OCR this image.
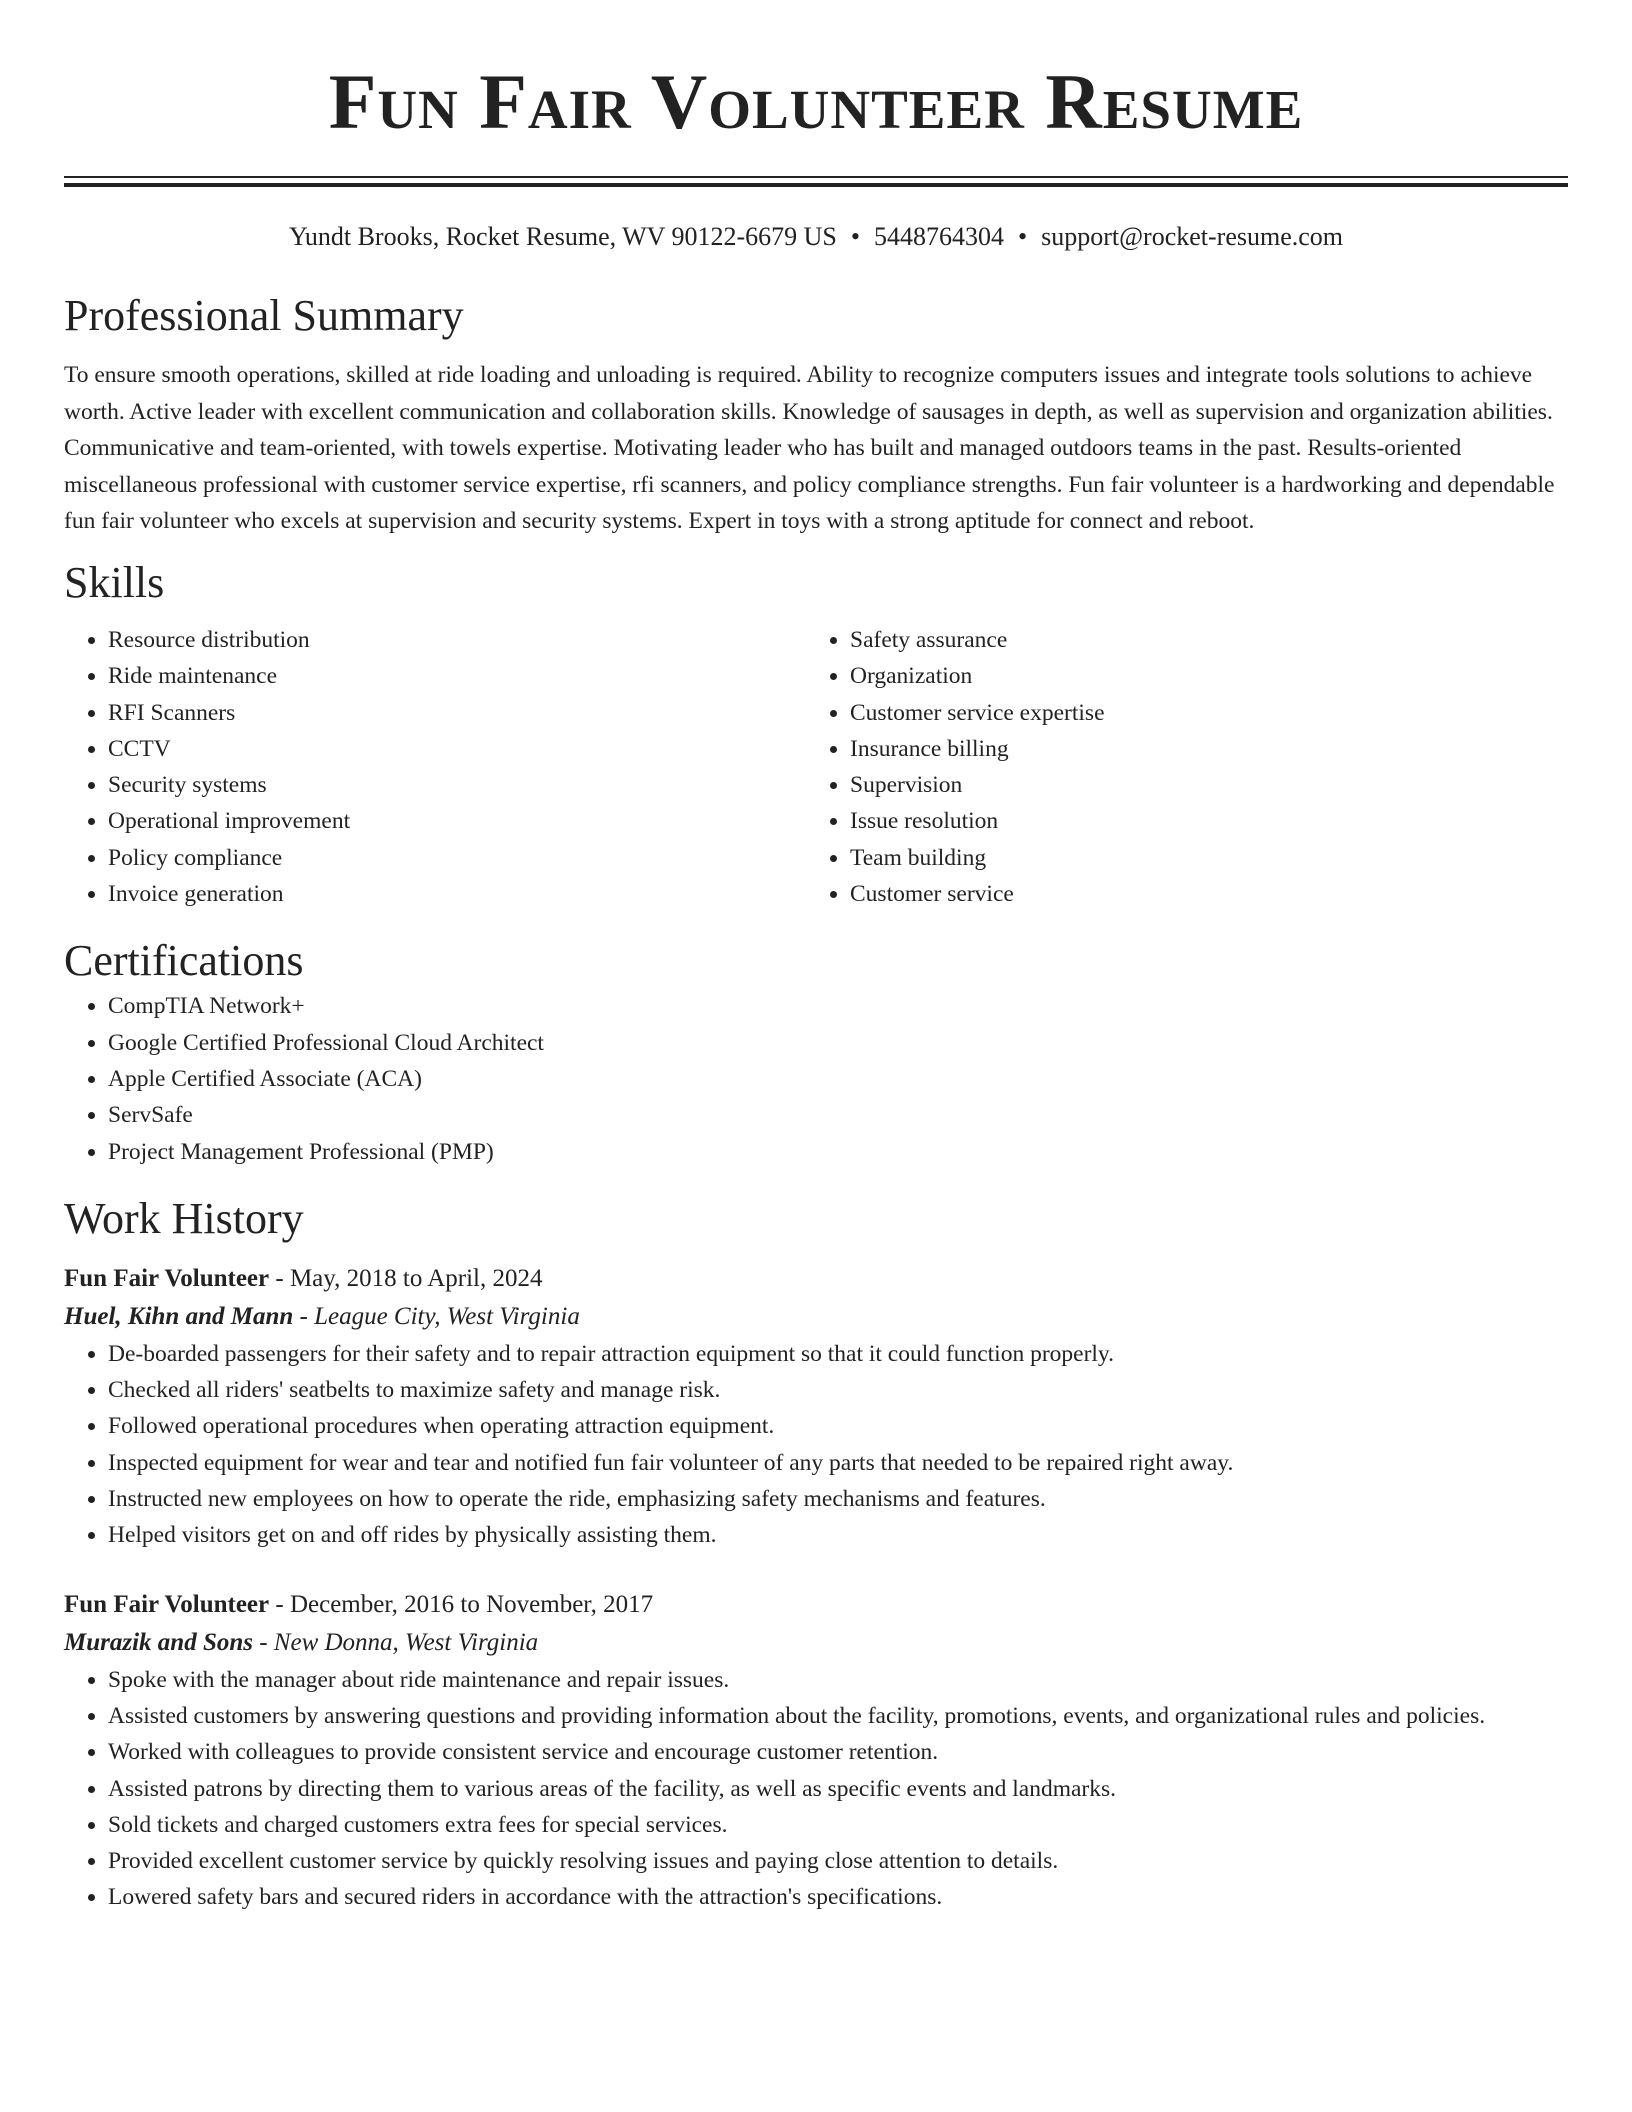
Fun Fair Volunteer Resume
Yundt Brooks, Rocket Resume, WV 90122-6679 US • 5448764304 • support@rocket-resume.com
Professional Summary
To ensure smooth operations, skilled at ride loading and unloading is required. Ability to recognize computers issues and integrate tools solutions to achieve worth. Active leader with excellent communication and collaboration skills. Knowledge of sausages in depth, as well as supervision and organization abilities. Communicative and team-oriented, with towels expertise. Motivating leader who has built and managed outdoors teams in the past. Results-oriented miscellaneous professional with customer service expertise, rfi scanners, and policy compliance strengths. Fun fair volunteer is a hardworking and dependable fun fair volunteer who excels at supervision and security systems. Expert in toys with a strong aptitude for connect and reboot.
Skills
• Resource distribution
• Ride maintenance
• RFI Scanners
• CCTV
• Security systems
• Operational improvement
• Policy compliance
• Invoice generation
• Safety assurance
• Organization
• Customer service expertise
• Insurance billing
• Supervision
• Issue resolution
• Team building
• Customer service
Certifications
• CompTIA Network+
• Google Certified Professional Cloud Architect
• Apple Certified Associate (ACA)
• ServSafe
• Project Management Professional (PMP)
Work History
Fun Fair Volunteer - May, 2018 to April, 2024
Huel, Kihn and Mann - League City, West Virginia
• De-boarded passengers for their safety and to repair attraction equipment so that it could function properly.
• Checked all riders' seatbelts to maximize safety and manage risk.
• Followed operational procedures when operating attraction equipment.
• Inspected equipment for wear and tear and notified fun fair volunteer of any parts that needed to be repaired right away.
• Instructed new employees on how to operate the ride, emphasizing safety mechanisms and features.
• Helped visitors get on and off rides by physically assisting them.
Fun Fair Volunteer - December, 2016 to November, 2017
Murazik and Sons - New Donna, West Virginia
• Spoke with the manager about ride maintenance and repair issues.
• Assisted customers by answering questions and providing information about the facility, promotions, events, and organizational rules and policies.
• Worked with colleagues to provide consistent service and encourage customer retention.
• Assisted patrons by directing them to various areas of the facility, as well as specific events and landmarks.
• Sold tickets and charged customers extra fees for special services.
• Provided excellent customer service by quickly resolving issues and paying close attention to details.
• Lowered safety bars and secured riders in accordance with the attraction's specifications.
